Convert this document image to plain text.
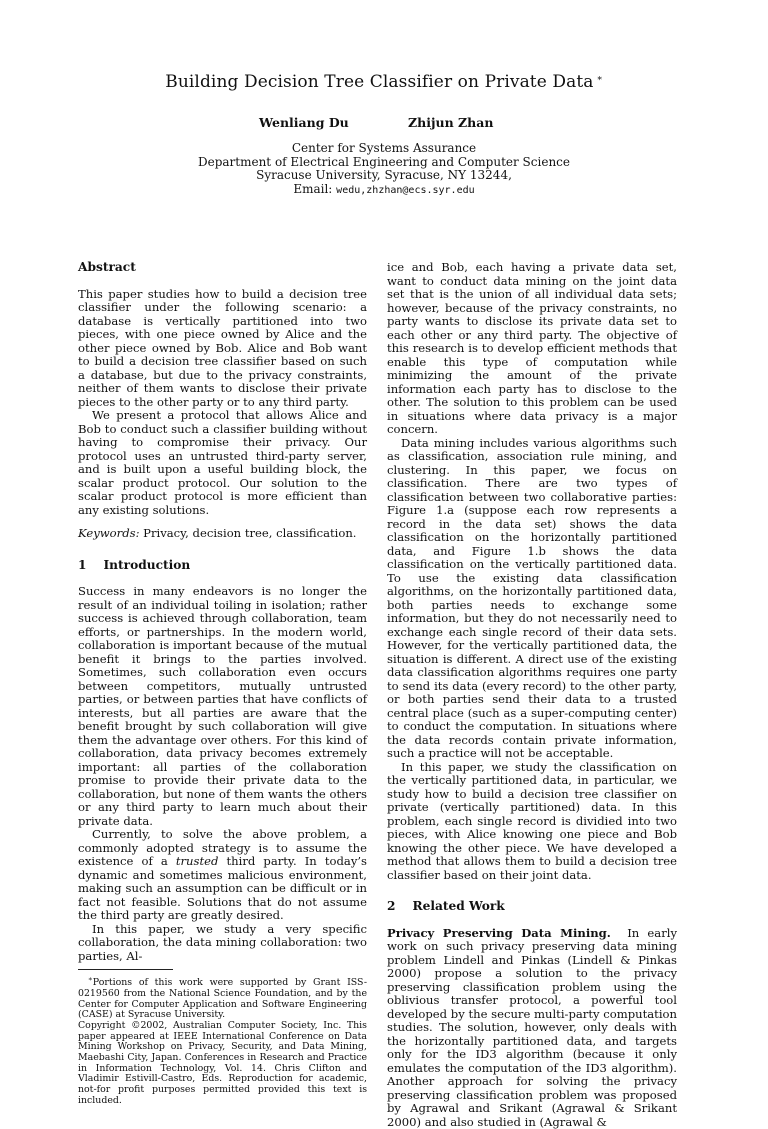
Building Decision Tree Classifier on Private Data ∗
Wenliang Du	Zhijun Zhan
Center for Systems Assurance
Department of Electrical Engineering and Computer Science
Syracuse University, Syracuse, NY 13244,
Email: wedu,zhzhan@ecs.syr.edu
Abstract

This paper studies how to build a decision tree classifier under the following scenario: a database is vertically partitioned into two pieces, with one piece owned by Alice and the other piece owned by Bob. Alice and Bob want to build a decision tree classifier based on such a database, but due to the privacy constraints, neither of them wants to disclose their private pieces to the other party or to any third party.

We present a protocol that allows Alice and Bob to conduct such a classifier building without having to compromise their privacy. Our protocol uses an untrusted third-party server, and is built upon a useful building block, the scalar product protocol. Our solution to the scalar product protocol is more efficient than any existing solutions.

Keywords: Privacy, decision tree, classification.

1 Introduction

Success in many endeavors is no longer the result of an individual toiling in isolation; rather success is achieved through collaboration, team efforts, or partnerships. In the modern world, collaboration is important because of the mutual benefit it brings to the parties involved. Sometimes, such collaboration even occurs between competitors, mutually untrusted parties, or between parties that have conflicts of interests, but all parties are aware that the benefit brought by such collaboration will give them the advantage over others. For this kind of collaboration, data privacy becomes extremely important: all parties of the collaboration promise to provide their private data to the collaboration, but none of them wants the others or any third party to learn much about their private data.

Currently, to solve the above problem, a commonly adopted strategy is to assume the existence of a trusted third party. In today’s dynamic and sometimes malicious environment, making such an assumption can be difficult or in fact not feasible. Solutions that do not assume the third party are greatly desired.

In this paper, we study a very specific collaboration, the data mining collaboration: two parties, Al-

∗Portions of this work were supported by Grant ISS-0219560 from the National Science Foundation, and by the Center for Computer Application and Software Engineering (CASE) at Syracuse University.

Copyright ©2002, Australian Computer Society, Inc. This paper appeared at IEEE International Conference on Data Mining Workshop on Privacy, Security, and Data Mining, Maebashi City, Japan. Conferences in Research and Practice in Information Technology, Vol. 14. Chris Clifton and Vladimir Estivill-Castro, Eds. Reproduction for academic, not-for profit purposes permitted provided this text is included.

ice and Bob, each having a private data set, want to conduct data mining on the joint data set that is the union of all individual data sets; however, because of the privacy constraints, no party wants to disclose its private data set to each other or any third party. The objective of this research is to develop efficient methods that enable this type of computation while minimizing the amount of the private information each party has to disclose to the other. The solution to this problem can be used in situations where data privacy is a major concern.

Data mining includes various algorithms such as classification, association rule mining, and clustering. In this paper, we focus on classification. There are two types of classification between two collaborative parties: Figure 1.a (suppose each row represents a record in the data set) shows the data classification on the horizontally partitioned data, and Figure 1.b shows the data classification on the vertically partitioned data. To use the existing data classification algorithms, on the horizontally partitioned data, both parties needs to exchange some information, but they do not necessarily need to exchange each single record of their data sets. However, for the vertically partitioned data, the situation is different. A direct use of the existing data classification algorithms requires one party to send its data (every record) to the other party, or both parties send their data to a trusted central place (such as a super-computing center) to conduct the computation. In situations where the data records contain private information, such a practice will not be acceptable.

In this paper, we study the classification on the vertically partitioned data, in particular, we study how to build a decision tree classifier on private (vertically partitioned) data. In this problem, each single record is dividied into two pieces, with Alice knowing one piece and Bob knowing the other piece. We have developed a method that allows them to build a decision tree classifier based on their joint data.

2 Related Work

Privacy Preserving Data Mining. In early work on such privacy preserving data mining problem Lindell and Pinkas (Lindell & Pinkas 2000) propose a solution to the privacy preserving classification problem using the oblivious transfer protocol, a powerful tool developed by the secure multi-party computation studies. The solution, however, only deals with the horizontally partitioned data, and targets only for the ID3 algorithm (because it only emulates the computation of the ID3 algorithm). Another approach for solving the privacy preserving classification problem was proposed by Agrawal and Srikant (Agrawal & Srikant 2000) and also studied in (Agrawal &
